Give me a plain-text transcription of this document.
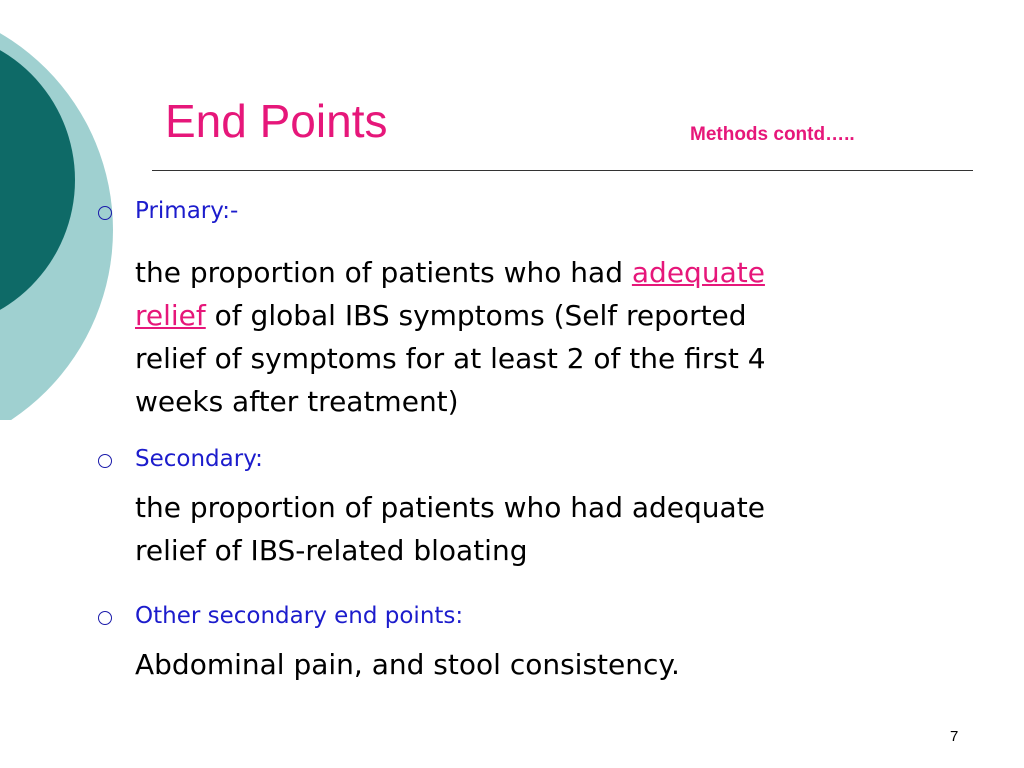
End Points	Methods contd…..
Primary:-
the proportion of patients who had adequate
relief of global IBS symptoms (Self reported
relief of symptoms for at least 2 of the first 4
weeks after treatment)
Secondary:
the proportion of patients who had adequate
relief of IBS-related bloating
Other secondary end points:
Abdominal pain, and stool consistency.
7
